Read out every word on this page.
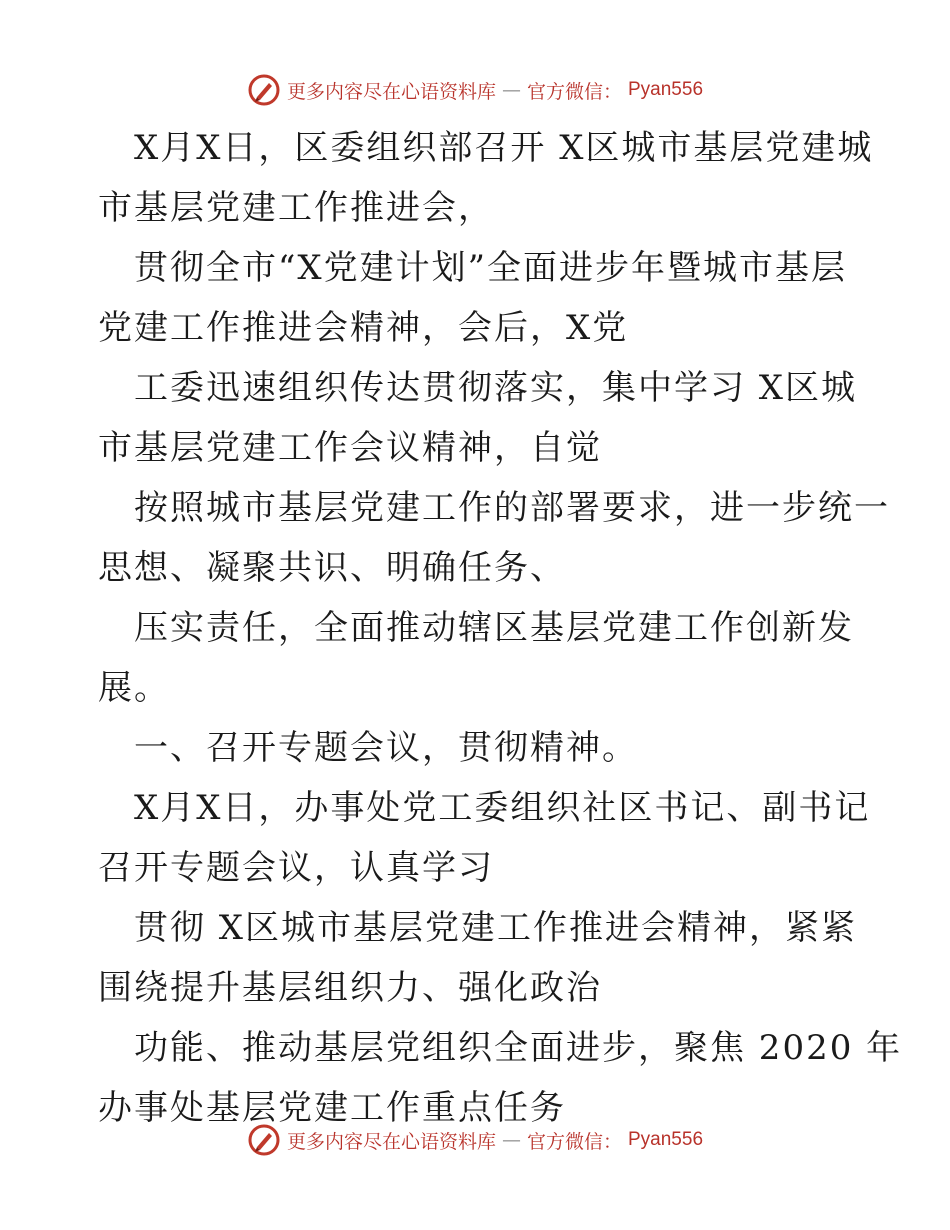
更多内容尽在心语资料库 — 官方微信： Pyan556
X月X日，区委组织部召开 X区城市基层党建城
市基层党建工作推进会，
贯彻全市“X党建计划”全面进步年暨城市基层
党建工作推进会精神，会后，X党
工委迅速组织传达贯彻落实，集中学习 X区城
市基层党建工作会议精神，自觉
按照城市基层党建工作的部署要求，进一步统一
思想、凝聚共识、明确任务、
压实责任，全面推动辖区基层党建工作创新发
展。
一、召开专题会议，贯彻精神。
X月X日，办事处党工委组织社区书记、副书记
召开专题会议，认真学习
贯彻 X区城市基层党建工作推进会精神，紧紧
围绕提升基层组织力、强化政治
功能、推动基层党组织全面进步，聚焦 2020 年
办事处基层党建工作重点任务
更多内容尽在心语资料库 — 官方微信： Pyan556
